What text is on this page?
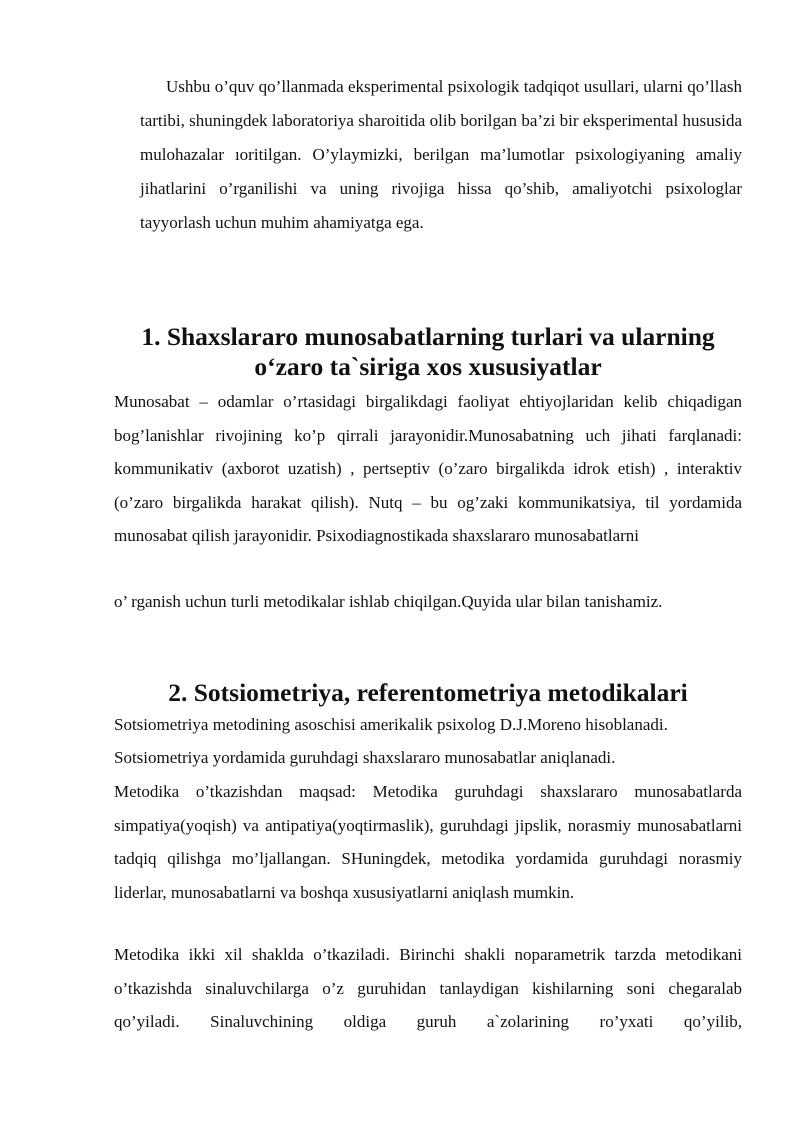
Ushbu o’quv qo’llanmada eksperimental psixologik tadqiqot usullari, ularni qo’llash tartibi, shuningdek laboratoriya sharoitida olib borilgan ba’zi bir eksperimental hususida mulohazalar ıoritilgan. O’ylaymizki, berilgan ma’lumotlar psixologiyaning amaliy jihatlarini o’rganilishi va uning rivojiga hissa qo’shib, amaliyotchi psixologlar tayyorlash uchun muhim ahamiyatga ega.

1. Shaxslararo munosabatlarning turlari va ularning o‘zaro ta`siriga xos xususiyatlar

Munosabat – odamlar o’rtasidagi birgalikdagi faoliyat ehtiyojlaridan kelib chiqadigan bog’lanishlar rivojining ko’p qirrali jarayonidir.Munosabatning uch jihati farqlanadi: kommunikativ (axborot uzatish) , pertseptiv (o’zaro birgalikda idrok etish) , interaktiv (o’zaro birgalikda harakat qilish). Nutq – bu og’zaki kommunikatsiya, til yordamida munosabat qilish jarayonidir. Psixodiagnostikada shaxslararo munosabatlarni

o’ rganish uchun turli metodikalar ishlab chiqilgan.Quyida ular bilan tanishamiz.

2. Sotsiometriya, referentometriya metodikalari

Sotsiometriya metodining asoschisi amerikalik psixolog D.J.Moreno hisoblanadi.

Sotsiometriya yordamida guruhdagi shaxslararo munosabatlar aniqlanadi.

Metodika o’tkazishdan maqsad: Metodika guruhdagi shaxslararo munosabatlarda simpatiya(yoqish) va antipatiya(yoqtirmaslik), guruhdagi jipslik, norasmiy munosabatlarni tadqiq qilishga mo’ljallangan. SHuningdek, metodika yordamida guruhdagi norasmiy liderlar, munosabatlarni va boshqa xususiyatlarni aniqlash mumkin.

Metodika ikki xil shaklda o’tkaziladi. Birinchi shakli noparametrik tarzda metodikani o’tkazishda sinaluvchilarga o’z guruhidan tanlaydigan kishilarning soni chegaralab qo’yiladi. Sinaluvchining oldiga guruh a`zolarining ro’yxati qo’yilib,
